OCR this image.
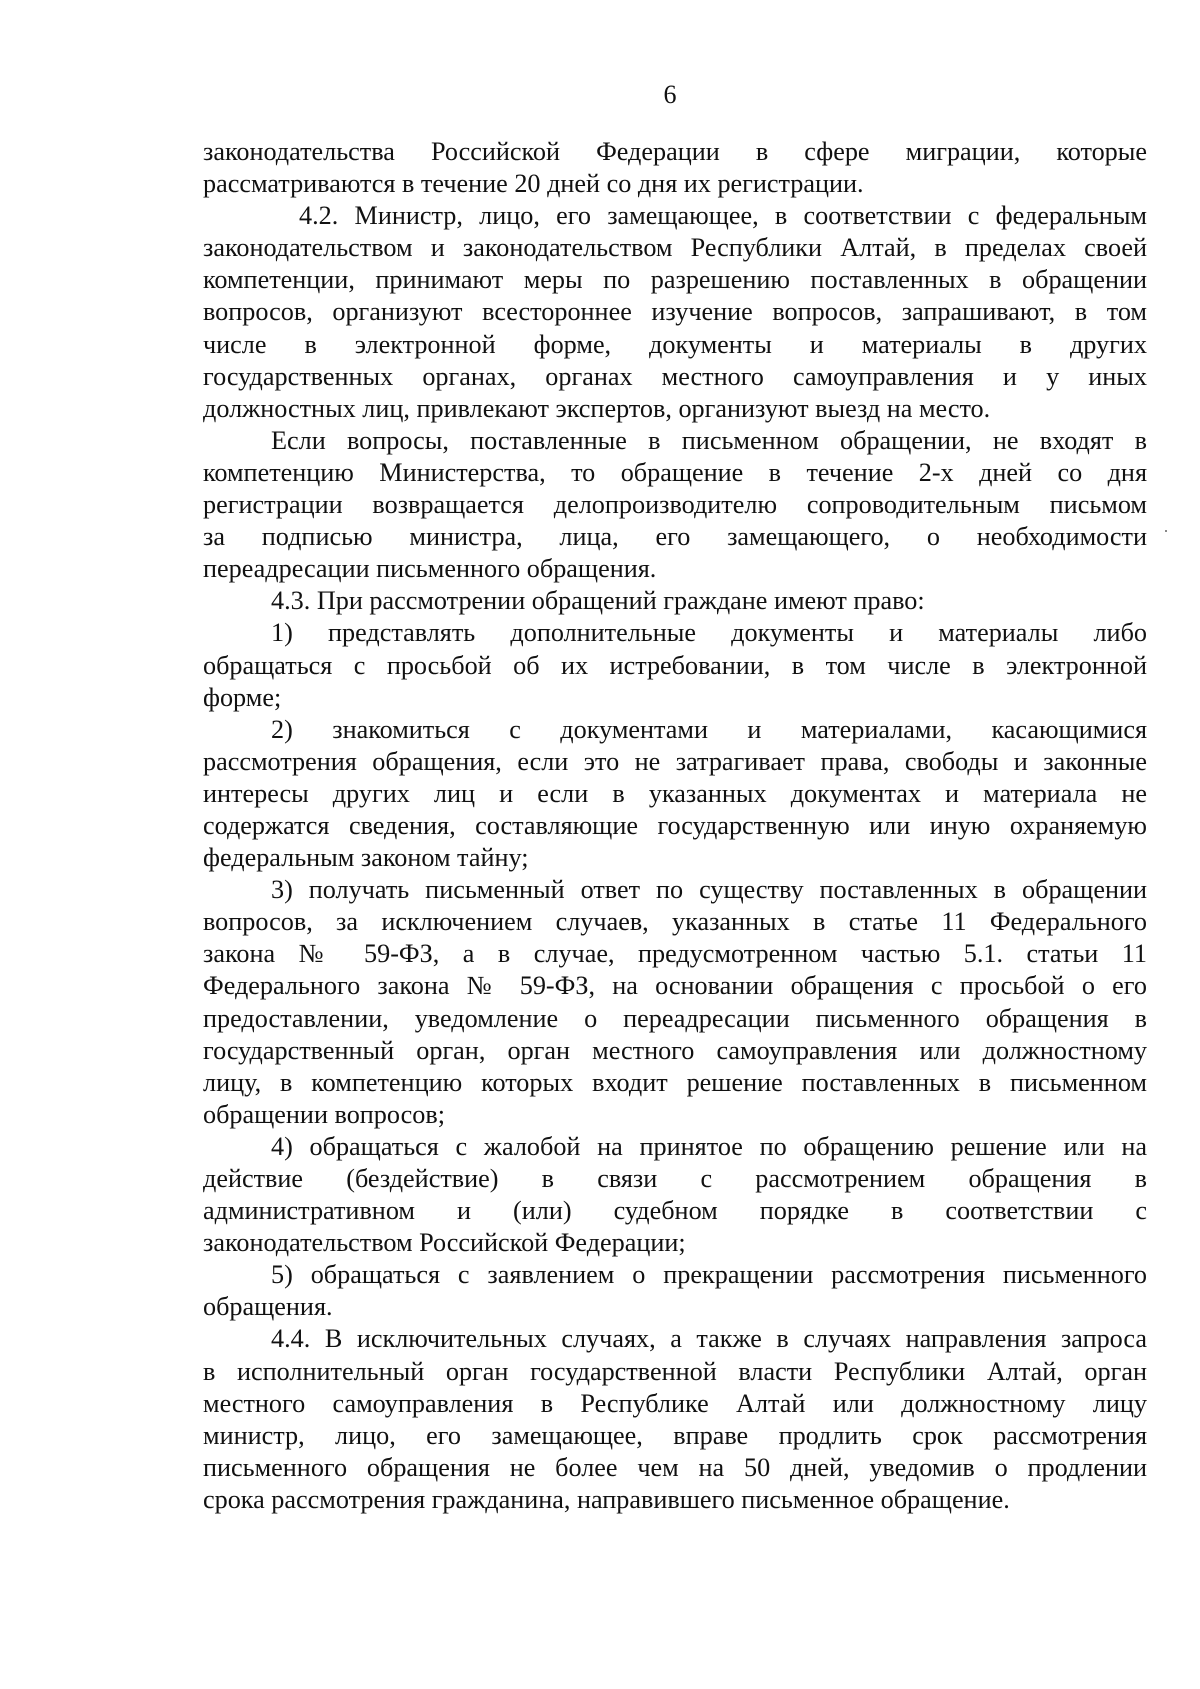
6

законодательства Российской Федерации в сфере миграции, которые
рассматриваются в течение 20 дней со дня их регистрации.

4.2. Министр, лицо, его замещающее, в соответствии с федеральным
законодательством и законодательством Республики Алтай, в пределах своей
компетенции, принимают меры по разрешению поставленных в обращении
вопросов, организуют всестороннее изучение вопросов, запрашивают, в том
числе в электронной форме, документы и материалы в других
государственных органах, органах местного самоуправления и у иных
должностных лиц, привлекают экспертов, организуют выезд на место.

Если вопросы, поставленные в письменном обращении, не входят в
компетенцию Министерства, то обращение в течение 2-х дней со дня
регистрации возвращается делопроизводителю сопроводительным письмом
за подписью министра, лица, его замещающего, о необходимости
переадресации письменного обращения.

4.3. При рассмотрении обращений граждане имеют право:

1) представлять дополнительные документы и материалы либо
обращаться с просьбой об их истребовании, в том числе в электронной
форме;

2) знакомиться с документами и материалами, касающимися
рассмотрения обращения, если это не затрагивает права, свободы и законные
интересы других лиц и если в указанных документах и материала не
содержатся сведения, составляющие государственную или иную охраняемую
федеральным законом тайну;

3) получать письменный ответ по существу поставленных в обращении
вопросов, за исключением случаев, указанных в статье 11 Федерального
закона № 59-ФЗ, а в случае, предусмотренном частью 5.1. статьи 11
Федерального закона № 59-ФЗ, на основании обращения с просьбой о его
предоставлении, уведомление о переадресации письменного обращения в
государственный орган, орган местного самоуправления или должностному
лицу, в компетенцию которых входит решение поставленных в письменном
обращении вопросов;

4) обращаться с жалобой на принятое по обращению решение или на
действие (бездействие) в связи с рассмотрением обращения в
административном и (или) судебном порядке в соответствии с
законодательством Российской Федерации;

5) обращаться с заявлением о прекращении рассмотрения письменного
обращения.

4.4. В исключительных случаях, а также в случаях направления запроса
в исполнительный орган государственной власти Республики Алтай, орган
местного самоуправления в Республике Алтай или должностному лицу
министр, лицо, его замещающее, вправе продлить срок рассмотрения
письменного обращения не более чем на 50 дней, уведомив о продлении
срока рассмотрения гражданина, направившего письменное обращение.
